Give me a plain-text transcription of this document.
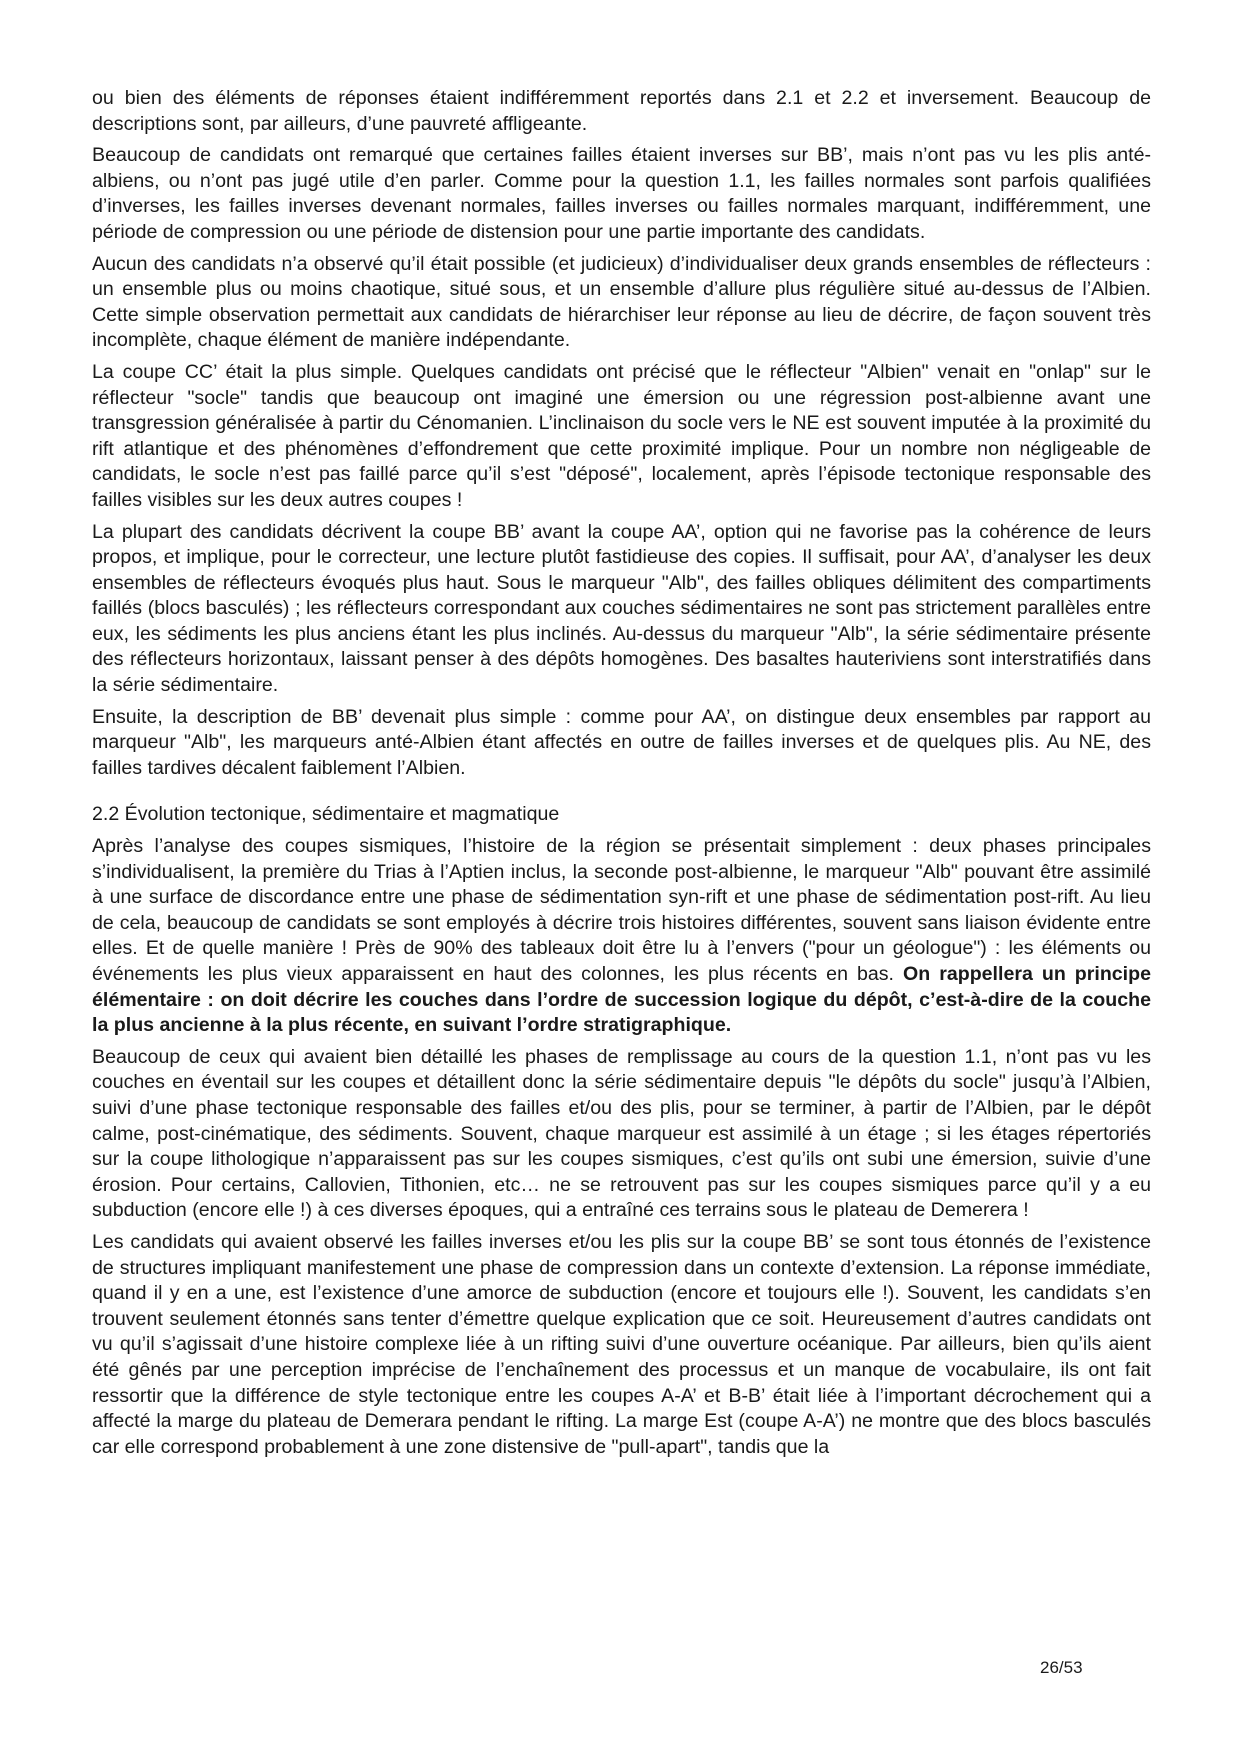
ou bien des éléments de réponses étaient indifféremment reportés dans 2.1 et 2.2 et inversement. Beaucoup de descriptions sont, par ailleurs, d’une pauvreté affligeante.

Beaucoup de candidats ont remarqué que certaines failles étaient inverses sur BB’, mais n’ont pas vu les plis anté-albiens, ou n’ont pas jugé utile d’en parler. Comme pour la question 1.1, les failles normales sont parfois qualifiées d’inverses, les failles inverses devenant normales, failles inverses ou failles normales marquant, indifféremment, une période de compression ou une période de distension pour une partie importante des candidats.

Aucun des candidats n’a observé qu’il était possible (et judicieux) d’individualiser deux grands ensembles de réflecteurs : un ensemble plus ou moins chaotique, situé sous, et un ensemble d’allure plus régulière situé au-dessus de l’Albien. Cette simple observation permettait aux candidats de hiérarchiser leur réponse au lieu de décrire, de façon souvent très incomplète, chaque élément de manière indépendante.

La coupe CC’ était la plus simple. Quelques candidats ont précisé que le réflecteur "Albien" venait en "onlap" sur le réflecteur "socle" tandis que beaucoup ont imaginé une émersion ou une régression post-albienne avant une transgression généralisée à partir du Cénomanien. L’inclinaison du socle vers le NE est souvent imputée à la proximité du rift atlantique et des phénomènes d’effondrement que cette proximité implique. Pour un nombre non négligeable de candidats, le socle n’est pas faillé parce qu’il s’est "déposé", localement, après l’épisode tectonique responsable des failles visibles sur les deux autres coupes !

La plupart des candidats décrivent la coupe BB’ avant la coupe AA’, option qui ne favorise pas la cohérence de leurs propos, et implique, pour le correcteur, une lecture plutôt fastidieuse des copies. Il suffisait, pour AA’, d’analyser les deux ensembles de réflecteurs évoqués plus haut. Sous le marqueur "Alb", des failles obliques délimitent des compartiments faillés (blocs basculés) ; les réflecteurs correspondant aux couches sédimentaires ne sont pas strictement parallèles entre eux, les sédiments les plus anciens étant les plus inclinés. Au-dessus du marqueur "Alb", la série sédimentaire présente des réflecteurs horizontaux, laissant penser à des dépôts homogènes. Des basaltes hauteriviens sont interstratifiés dans la série sédimentaire.

Ensuite, la description de BB’ devenait plus simple : comme pour AA’, on distingue deux ensembles par rapport au marqueur "Alb", les marqueurs anté-Albien étant affectés en outre de failles inverses et de quelques plis. Au NE, des failles tardives décalent faiblement l’Albien.

2.2 Évolution tectonique, sédimentaire et magmatique

Après l’analyse des coupes sismiques, l’histoire de la région se présentait simplement : deux phases principales s’individualisent, la première du Trias à l’Aptien inclus, la seconde post-albienne, le marqueur "Alb" pouvant être assimilé à une surface de discordance entre une phase de sédimentation syn-rift et une phase de sédimentation post-rift. Au lieu de cela, beaucoup de candidats se sont employés à décrire trois histoires différentes, souvent sans liaison évidente entre elles. Et de quelle manière ! Près de 90% des tableaux doit être lu à l’envers ("pour un géologue") : les éléments ou événements les plus vieux apparaissent en haut des colonnes, les plus récents en bas. On rappellera un principe élémentaire : on doit décrire les couches dans l’ordre de succession logique du dépôt, c’est-à-dire de la couche la plus ancienne à la plus récente, en suivant l’ordre stratigraphique.

Beaucoup de ceux qui avaient bien détaillé les phases de remplissage au cours de la question 1.1, n’ont pas vu les couches en éventail sur les coupes et détaillent donc la série sédimentaire depuis "le dépôts du socle" jusqu’à l’Albien, suivi d’une phase tectonique responsable des failles et/ou des plis, pour se terminer, à partir de l’Albien, par le dépôt calme, post-cinématique, des sédiments. Souvent, chaque marqueur est assimilé à un étage ; si les étages répertoriés sur la coupe lithologique n’apparaissent pas sur les coupes sismiques, c’est qu’ils ont subi une émersion, suivie d’une érosion. Pour certains, Callovien, Tithonien, etc… ne se retrouvent pas sur les coupes sismiques parce qu’il y a eu subduction (encore elle !) à ces diverses époques, qui a entraîné ces terrains sous le plateau de Demerera !

Les candidats qui avaient observé les failles inverses et/ou les plis sur la coupe BB’ se sont tous étonnés de l’existence de structures impliquant manifestement une phase de compression dans un contexte d’extension. La réponse immédiate, quand il y en a une, est l’existence d’une amorce de subduction (encore et toujours elle !). Souvent, les candidats s’en trouvent seulement étonnés sans tenter d’émettre quelque explication que ce soit. Heureusement d’autres candidats ont vu qu’il s’agissait d’une histoire complexe liée à un rifting suivi d’une ouverture océanique. Par ailleurs, bien qu’ils aient été gênés par une perception imprécise de l’enchaînement des processus et un manque de vocabulaire, ils ont fait ressortir que la différence de style tectonique entre les coupes A-A’ et B-B’ était liée à l’important décrochement qui a affecté la marge du plateau de Demerara pendant le rifting. La marge Est (coupe A-A’) ne montre que des blocs basculés car elle correspond probablement à une zone distensive de "pull-apart", tandis que la

26/53
